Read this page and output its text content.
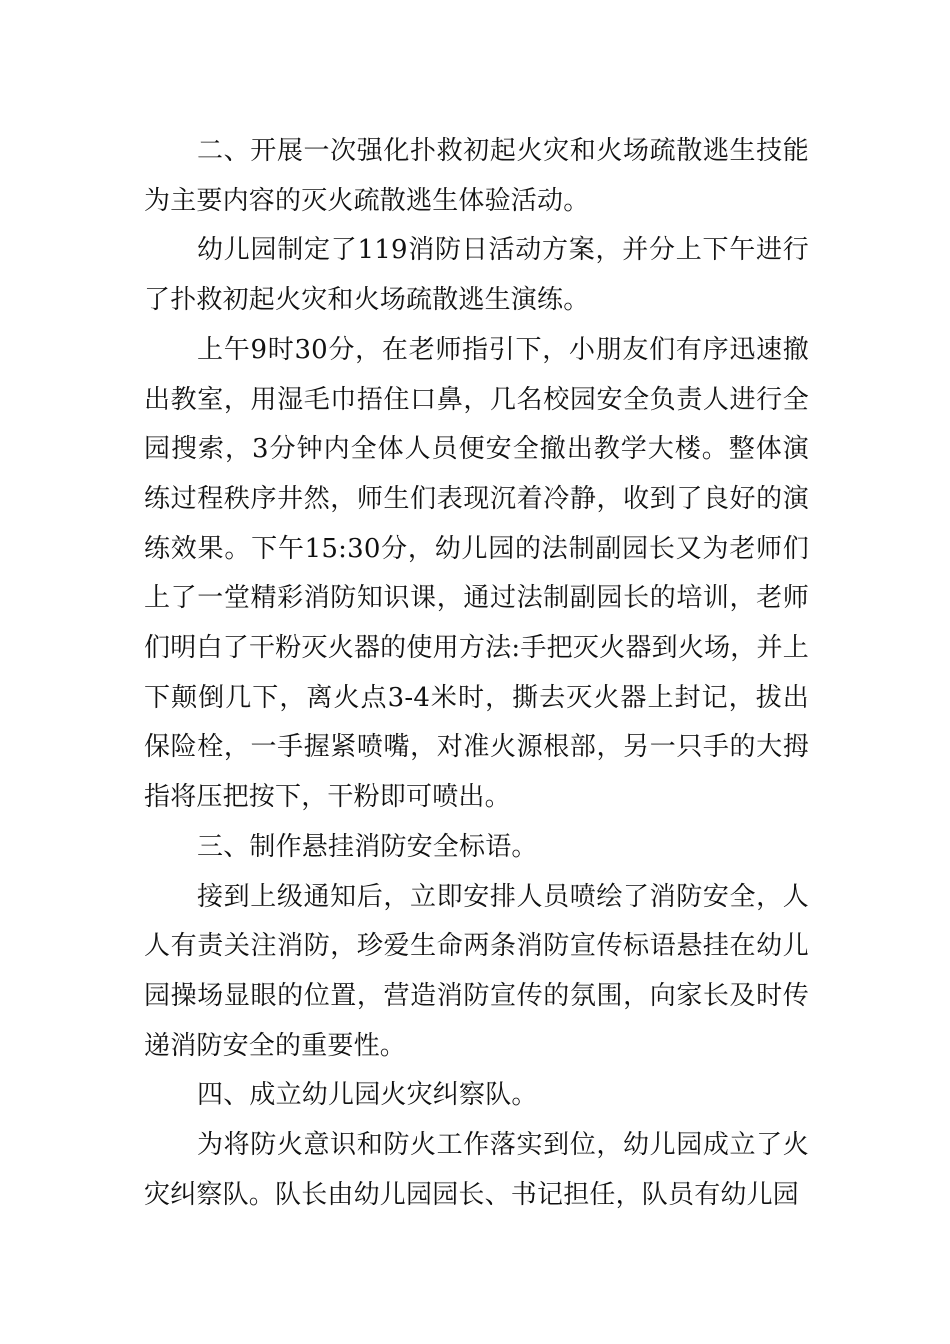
二、开展一次强化扑救初起火灾和火场疏散逃生技能为主要内容的灭火疏散逃生体验活动。

幼儿园制定了119消防日活动方案，并分上下午进行了扑救初起火灾和火场疏散逃生演练。

上午9时30分，在老师指引下，小朋友们有序迅速撤出教室，用湿毛巾捂住口鼻，几名校园安全负责人进行全园搜索，3分钟内全体人员便安全撤出教学大楼。整体演练过程秩序井然，师生们表现沉着冷静，收到了良好的演练效果。下午15:30分，幼儿园的法制副园长又为老师们上了一堂精彩消防知识课，通过法制副园长的培训，老师们明白了干粉灭火器的使用方法:手把灭火器到火场，并上下颠倒几下，离火点3-4米时，撕去灭火器上封记，拔出保险栓，一手握紧喷嘴，对准火源根部，另一只手的大拇指将压把按下，干粉即可喷出。

三、制作悬挂消防安全标语。

接到上级通知后，立即安排人员喷绘了消防安全，人人有责关注消防，珍爱生命两条消防宣传标语悬挂在幼儿园操场显眼的位置，营造消防宣传的氛围，向家长及时传递消防安全的重要性。

四、成立幼儿园火灾纠察队。

为将防火意识和防火工作落实到位，幼儿园成立了火灾纠察队。队长由幼儿园园长、书记担任，队员有幼儿园
